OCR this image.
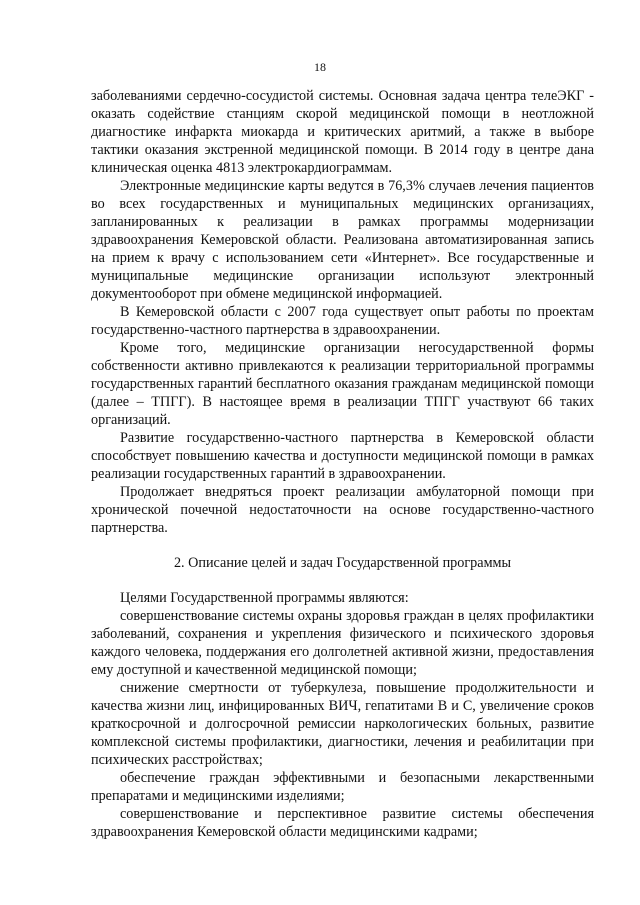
18

заболеваниями сердечно-сосудистой системы. Основная задача центра телеЭКГ - оказать содействие станциям скорой медицинской помощи в неотложной диагностике инфаркта миокарда и критических аритмий, а также в выборе тактики оказания экстренной медицинской помощи. В 2014 году в центре дана клиническая оценка 4813 электрокардиограммам.

Электронные медицинские карты ведутся в 76,3% случаев лечения пациентов во всех государственных и муниципальных медицинских организациях, запланированных к реализации в рамках программы модернизации здравоохранения Кемеровской области. Реализована автоматизированная запись на прием к врачу с использованием сети «Интернет». Все государственные и муниципальные медицинские организации используют электронный документооборот при обмене медицинской информацией.

В Кемеровской области с 2007 года существует опыт работы по проектам государственно-частного партнерства в здравоохранении.

Кроме того, медицинские организации негосударственной формы собственности активно привлекаются к реализации территориальной программы государственных гарантий бесплатного оказания гражданам медицинской помощи (далее – ТПГГ). В настоящее время в реализации ТПГГ участвуют 66 таких организаций.

Развитие государственно-частного партнерства в Кемеровской области способствует повышению качества и доступности медицинской помощи в рамках реализации государственных гарантий в здравоохранении.

Продолжает внедряться проект реализации амбулаторной помощи при хронической почечной недостаточности на основе государственно-частного партнерства.

2. Описание целей и задач Государственной программы

Целями Государственной программы являются:

совершенствование системы охраны здоровья граждан в целях профилактики заболеваний, сохранения и укрепления физического и психического здоровья каждого человека, поддержания его долголетней активной жизни, предоставления ему доступной и качественной медицинской помощи;

снижение смертности от туберкулеза, повышение продолжительности и качества жизни лиц, инфицированных ВИЧ, гепатитами В и С, увеличение сроков краткосрочной и долгосрочной ремиссии наркологических больных, развитие комплексной системы профилактики, диагностики, лечения и реабилитации при психических расстройствах;

обеспечение граждан эффективными и безопасными лекарственными препаратами и медицинскими изделиями;

совершенствование и перспективное развитие системы обеспечения здравоохранения Кемеровской области медицинскими кадрами;
